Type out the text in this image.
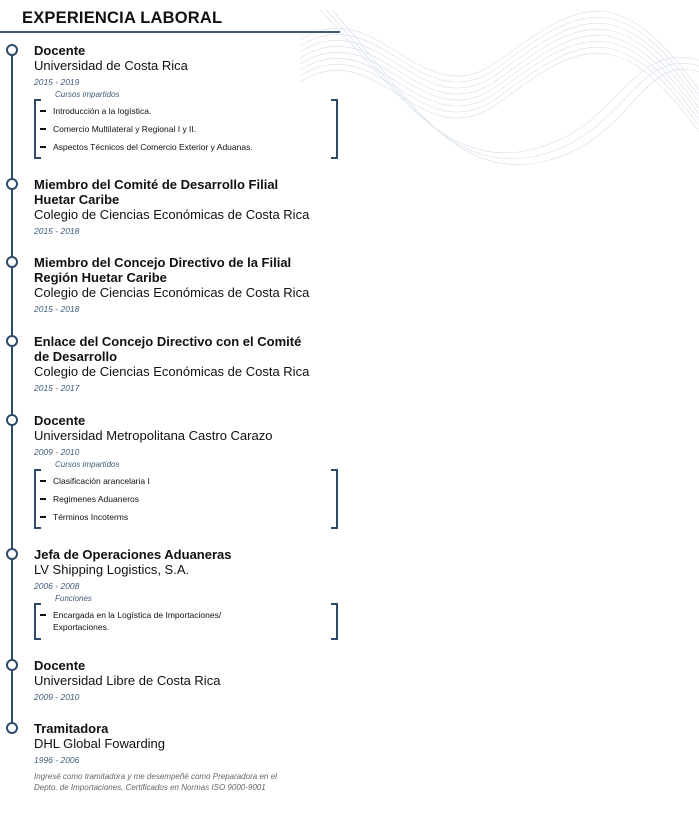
EXPERIENCIA LABORAL
Docente
Universidad de Costa Rica
2015 - 2019
Cursos impartidos
Introducción a la logística.
Comercio Multilateral y Regional I y II.
Aspectos Técnicos del Comercio Exterior y Aduanas.
Miembro del Comité de Desarrollo Filial
Huetar Caribe
Colegio de Ciencias Económicas de Costa Rica
2015 - 2018
Miembro del Concejo Directivo de la Filial
Región Huetar Caribe
Colegio de Ciencias Económicas de Costa Rica
2015 - 2018
Enlace del Concejo Directivo con el Comité
de Desarrollo
Colegio de Ciencias Económicas de Costa Rica
2015 - 2017
Docente
Universidad Metropolitana Castro Carazo
2009 - 2010
Cursos impartidos
Clasificación arancelaria I
Regimenes Aduaneros
Términos Incoterms
Jefa de Operaciones Aduaneras
LV Shipping Logistics, S.A.
2006 - 2008
Funciones
Encargada en la Logística de Importaciones/
Exportaciones.
Docente
Universidad Libre de Costa Rica
2009 - 2010
Tramitadora
DHL Global Fowarding
1996 - 2006
Ingresé como tramitadora y me desempeñé como Preparadora en el
Depto. de Importaciones, Certificados en Normas ISO 9000-9001
